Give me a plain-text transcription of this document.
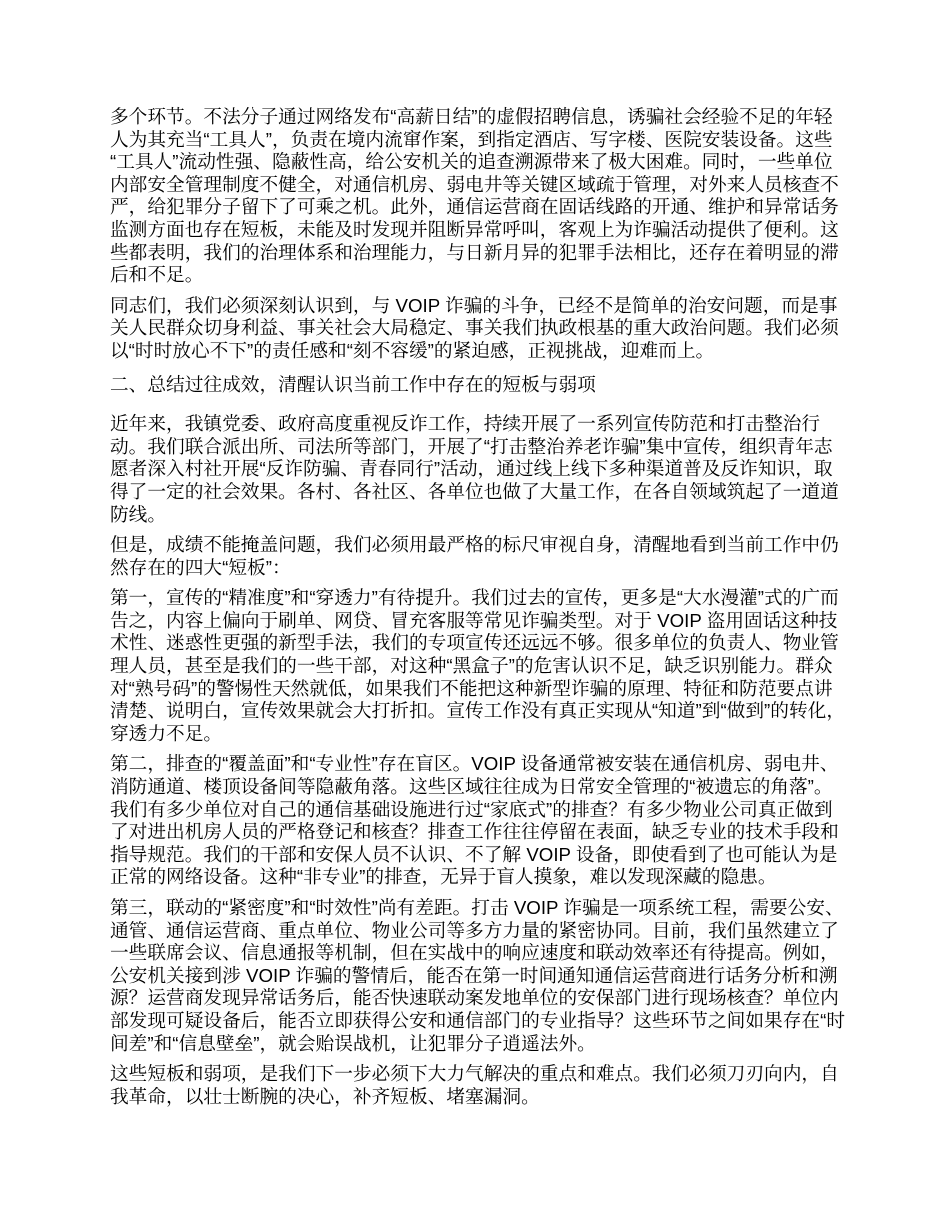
多个环节。不法分子通过网络发布“高薪日结”的虚假招聘信息，诱骗社会经验不足的年轻人为其充当“工具人”，负责在境内流窜作案，到指定酒店、写字楼、医院安装设备。这些“工具人”流动性强、隐蔽性高，给公安机关的追查溯源带来了极大困难。同时，一些单位内部安全管理制度不健全，对通信机房、弱电井等关键区域疏于管理，对外来人员核查不严，给犯罪分子留下了可乘之机。此外，通信运营商在固话线路的开通、维护和异常话务监测方面也存在短板，未能及时发现并阻断异常呼叫，客观上为诈骗活动提供了便利。这些都表明，我们的治理体系和治理能力，与日新月异的犯罪手法相比，还存在着明显的滞后和不足。

同志们，我们必须深刻认识到，与 VOIP 诈骗的斗争，已经不是简单的治安问题，而是事关人民群众切身利益、事关社会大局稳定、事关我们执政根基的重大政治问题。我们必须以“时时放心不下”的责任感和“刻不容缓”的紧迫感，正视挑战，迎难而上。

二、总结过往成效，清醒认识当前工作中存在的短板与弱项

近年来，我镇党委、政府高度重视反诈工作，持续开展了一系列宣传防范和打击整治行动。我们联合派出所、司法所等部门，开展了“打击整治养老诈骗”集中宣传，组织青年志愿者深入村社开展“反诈防骗、青春同行”活动，通过线上线下多种渠道普及反诈知识，取得了一定的社会效果。各村、各社区、各单位也做了大量工作，在各自领域筑起了一道道防线。

但是，成绩不能掩盖问题，我们必须用最严格的标尺审视自身，清醒地看到当前工作中仍然存在的四大“短板”：

第一，宣传的“精准度”和“穿透力”有待提升。我们过去的宣传，更多是“大水漫灌”式的广而告之，内容上偏向于刷单、网贷、冒充客服等常见诈骗类型。对于 VOIP 盗用固话这种技术性、迷惑性更强的新型手法，我们的专项宣传还远远不够。很多单位的负责人、物业管理人员，甚至是我们的一些干部，对这种“黑盒子”的危害认识不足，缺乏识别能力。群众对“熟号码”的警惕性天然就低，如果我们不能把这种新型诈骗的原理、特征和防范要点讲清楚、说明白，宣传效果就会大打折扣。宣传工作没有真正实现从“知道”到“做到”的转化，穿透力不足。

第二，排查的“覆盖面”和“专业性”存在盲区。VOIP 设备通常被安装在通信机房、弱电井、消防通道、楼顶设备间等隐蔽角落。这些区域往往成为日常安全管理的“被遗忘的角落”。我们有多少单位对自己的通信基础设施进行过“家底式”的排查？有多少物业公司真正做到了对进出机房人员的严格登记和核查？排查工作往往停留在表面，缺乏专业的技术手段和指导规范。我们的干部和安保人员不认识、不了解 VOIP 设备，即使看到了也可能认为是正常的网络设备。这种“非专业”的排查，无异于盲人摸象，难以发现深藏的隐患。

第三，联动的“紧密度”和“时效性”尚有差距。打击 VOIP 诈骗是一项系统工程，需要公安、通管、通信运营商、重点单位、物业公司等多方力量的紧密协同。目前，我们虽然建立了一些联席会议、信息通报等机制，但在实战中的响应速度和联动效率还有待提高。例如，公安机关接到涉 VOIP 诈骗的警情后，能否在第一时间通知通信运营商进行话务分析和溯源？运营商发现异常话务后，能否快速联动案发地单位的安保部门进行现场核查？单位内部发现可疑设备后，能否立即获得公安和通信部门的专业指导？这些环节之间如果存在“时间差”和“信息壁垒”，就会贻误战机，让犯罪分子逍遥法外。

这些短板和弱项，是我们下一步必须下大力气解决的重点和难点。我们必须刀刃向内，自我革命，以壮士断腕的决心，补齐短板、堵塞漏洞。
